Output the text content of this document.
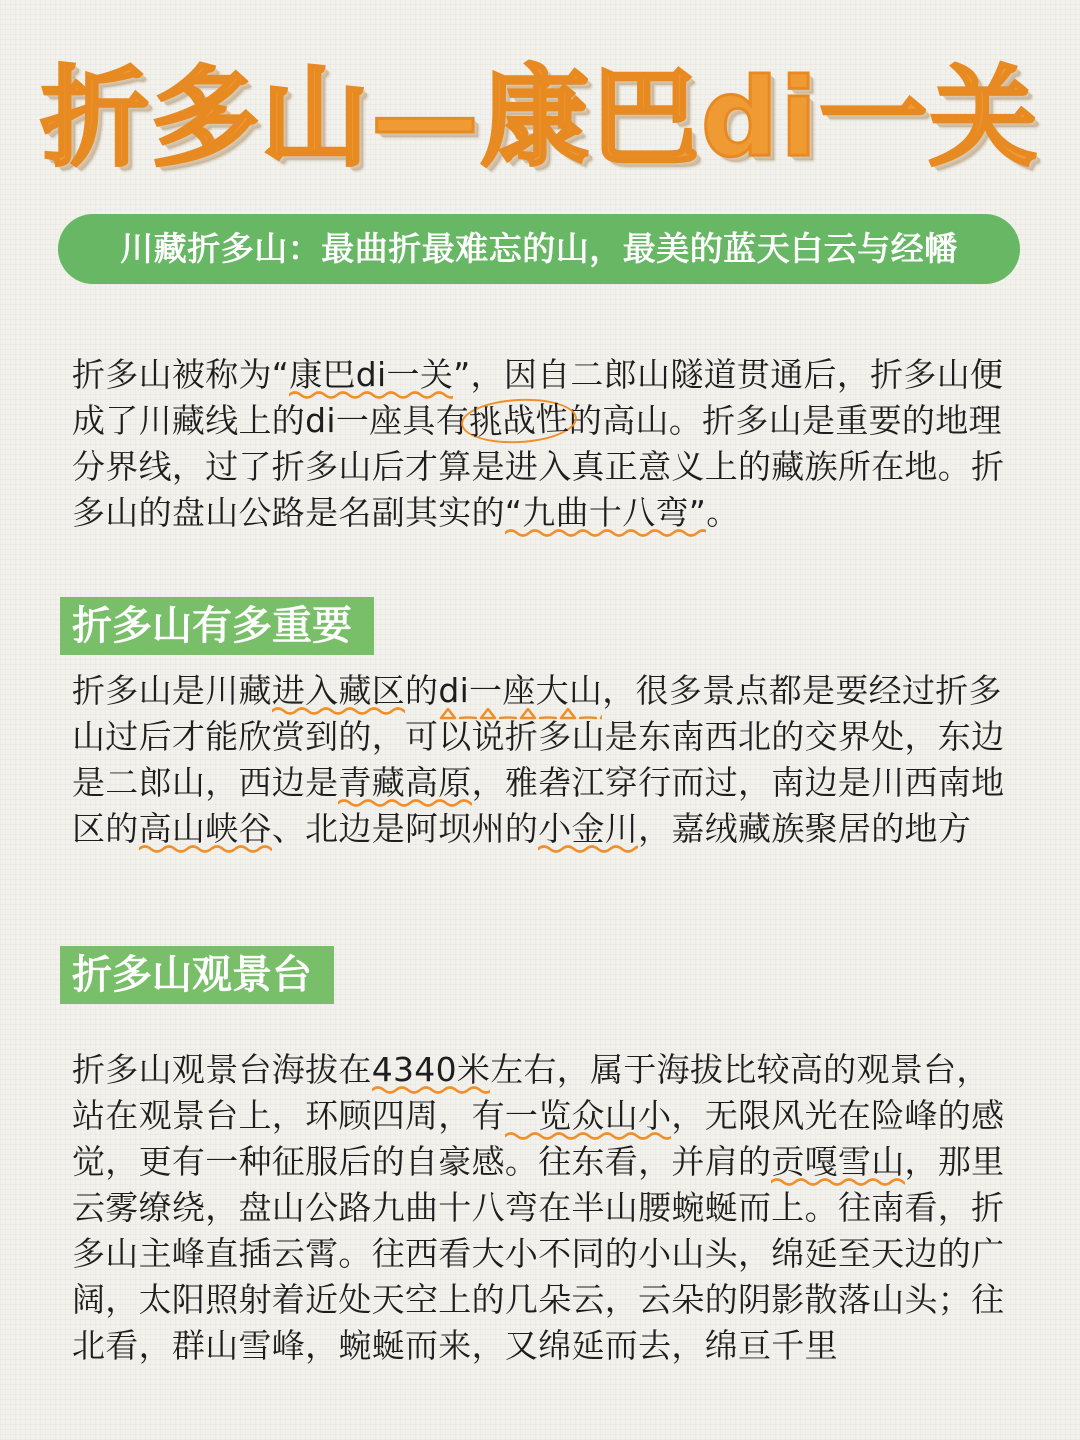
折多山—康巴di一关
川藏折多山：最曲折最难忘的山，最美的蓝天白云与经幡

折多山被称为“康巴di一关”，因自二郎山隧道贯通后，折多山便成了川藏线上的di一座具有挑战性的高山。折多山是重要的地理分界线，过了折多山后才算是进入真正意义上的藏族所在地。折多山的盘山公路是名副其实的“九曲十八弯”。

折多山有多重要

折多山是川藏进入藏区的di一座大山，很多景点都是要经过折多山过后才能欣赏到的，可以说折多山是东南西北的交界处，东边是二郎山，西边是青藏高原，雅砻江穿行而过，南边是川西南地区的高山峡谷、北边是阿坝州的小金川，嘉绒藏族聚居的地方

折多山观景台

折多山观景台海拔在4340米左右，属于海拔比较高的观景台，站在观景台上，环顾四周，有一览众山小，无限风光在险峰的感觉，更有一种征服后的自豪感。往东看，并肩的贡嘎雪山，那里云雾缭绕，盘山公路九曲十八弯在半山腰蜿蜒而上。往南看，折多山主峰直插云霄。往西看大小不同的小山头，绵延至天边的广阔，太阳照射着近处天空上的几朵云，云朵的阴影散落山头；往北看，群山雪峰，蜿蜒而来，又绵延而去，绵亘千里
